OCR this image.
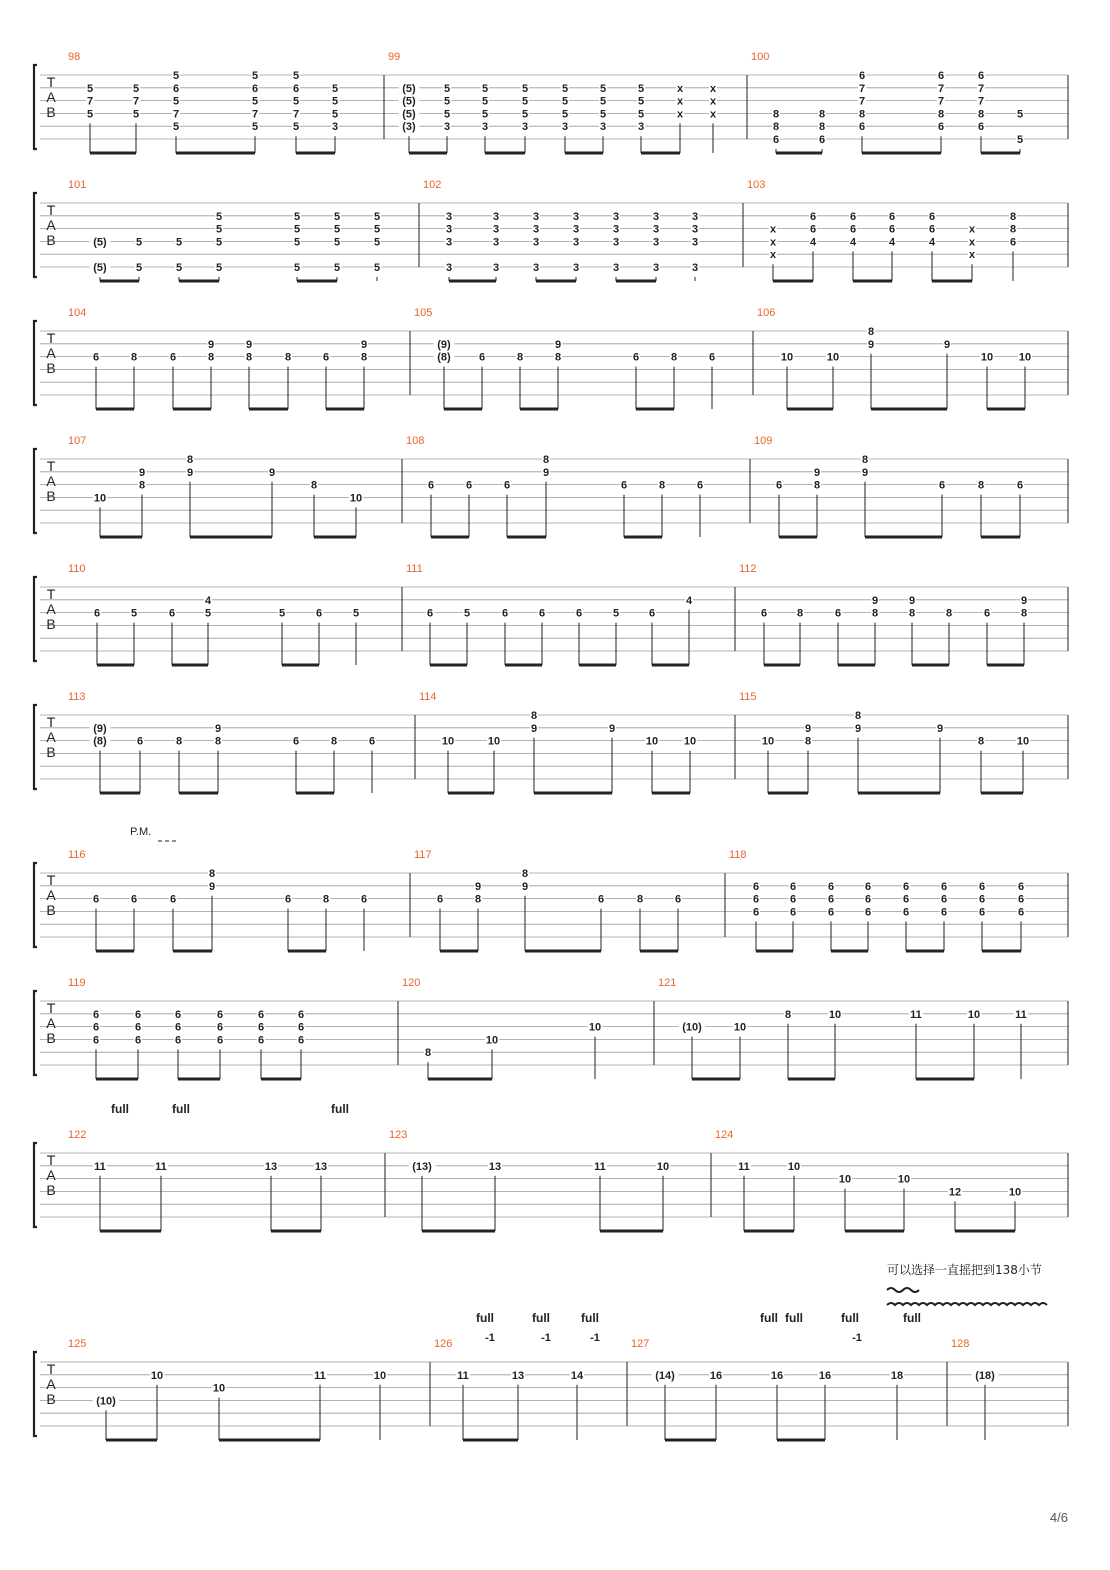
T
A
B
98
5
7
5
5
7
5
5
6
5
7
5
5
6
5
7
5
5
6
5
7
5
5
5
5
3
99
(5)
(5)
(5)
(3)
5
5
5
3
5
5
5
3
5
5
5
3
5
5
5
3
5
5
5
3
5
5
5
3
x
x
x
x
x
x
100
8
8
6
8
8
6
6
7
7
8
6
6
7
7
8
6
6
7
7
8
6
5
5
T
A
B
101
(5)
(5)
5
5
5
5
5
5
5
5
5
5
5
5
5
5
5
5
5
5
5
5
102
3
3
3
3
3
3
3
3
3
3
3
3
3
3
3
3
3
3
3
3
3
3
3
3
3
3
3
3
103
x
x
x
6
6
4
6
6
4
6
6
4
6
6
4
x
x
x
8
8
6
T
A
B
104
6	8	6
9
8
9
8	8	6
9
8
105
(9)
(8)	6	8
9
8	6	8	6
106
10	10
8
9	9
10 10
T
A
B
107
10
9
8
8
9	9
8
10
108
6	6	6
8
9
6	8	6
109
6
9
8
8
9
6	8	6
T
A
B
110
6	5	6
4
5	5	6	5
111
6	5	6	6	6	5	6
4
112
6	8	6
9
8
9
8	8	6
9
8
T
A
B
113
(9)
(8)	6	8
9
8	6	8	6
114
10	10
8
9	9
10 10
115
10
9
8
8
9	9
8	10
T
A
B
116
6	6	6
8
9
6	8	6
117
6
9
8
8
9
6	8	6
118
6
6
6
6
6
6
6
6
6
6
6
6
6
6
6
6
6
6
6
6
6
6
6
6
T
A
B
119
6
6
6
6
6
6
6
6
6
6
6
6
6
6
6
6
6
6
120
8
10
10
121
(10)	10
8	10	11	10	11
T
A
B
122
11	11	13	13
123
(13)	13	11	10
124
11	10
10	10
12	10
T
A
B
125
(10)
10
10
11	10
126
11	13	14
127
(14)	16	16	16	18
128
(18)
P.M.
full	full	full
full	full	full	full full	full	full
-1	-1	-1	-1
可以选择一直摇把到138小节
4/6
